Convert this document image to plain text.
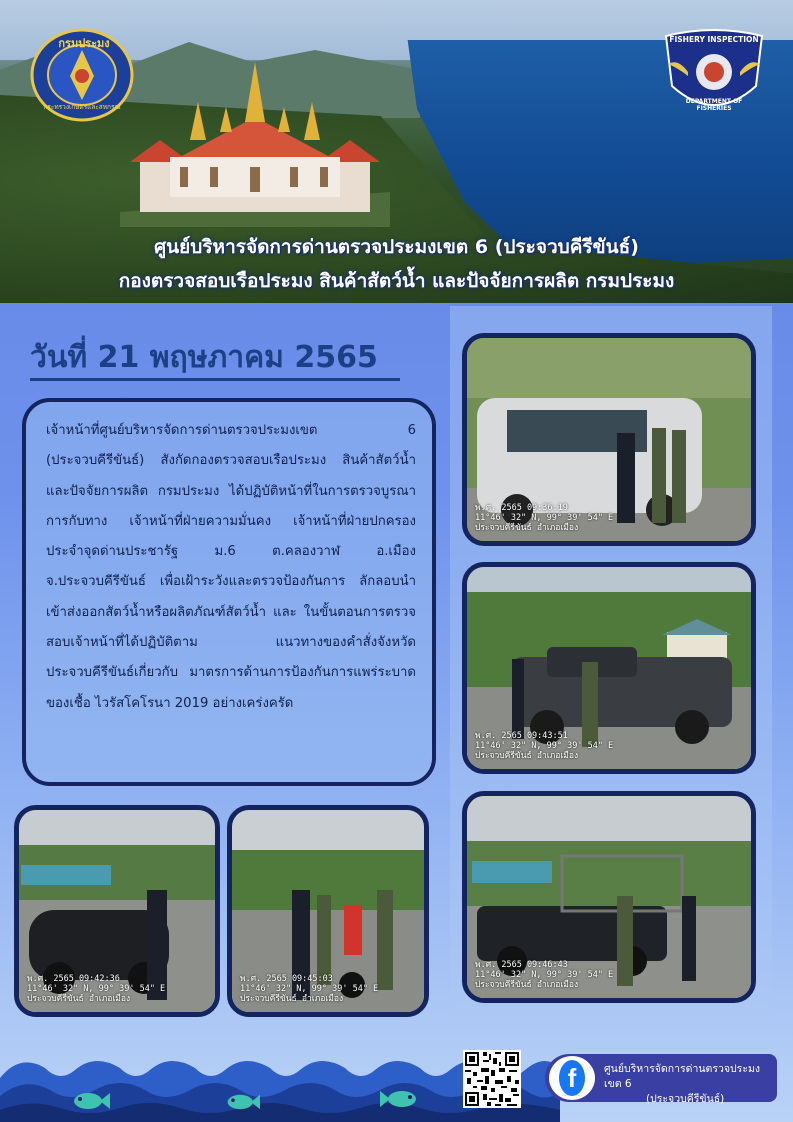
กรมประมง
กระทรวงเกษตรและสหกรณ์
FISHERY INSPECTION
DEPARTMENT OF FISHERIES
ศูนย์บริหารจัดการด่านตรวจประมงเขต 6 (ประจวบคีรีขันธ์)
กองตรวจสอบเรือประมง สินค้าสัตว์น้ำ และปัจจัยการผลิต กรมประมง
วันที่ 21 พฤษภาคม 2565

เจ้าหน้าที่ศูนย์บริหารจัดการด่านตรวจประมงเขต 6 (ประจวบคีรีขันธ์) สังกัดกองตรวจสอบเรือประมง สินค้าสัตว์น้ำ และปัจจัยการผลิต กรมประมง ได้ปฏิบัติหน้าที่ในการตรวจบูรณาการกับทาง เจ้าหน้าที่ฝ่ายความมั่นคง เจ้าหน้าที่ฝ่ายปกครอง ประจำจุดด่านประชารัฐ ม.6 ต.คลองวาฬ อ.เมือง จ.ประจวบคีรีขันธ์ เพื่อเฝ้าระวังและตรวจป้องกันการ ลักลอบนำเข้าส่งออกสัตว์น้ำหรือผลิตภัณฑ์สัตว์น้ำ และ ในขั้นตอนการตรวจสอบเจ้าหน้าที่ได้ปฏิบัติตาม แนวทางของคำสั่งจังหวัดประจวบคีรีขันธ์เกี่ยวกับ มาตรการด้านการป้องกันการแพร่ระบาดของเชื้อ ไวรัสโคโรนา 2019 อย่างเคร่งครัด

พ.ศ. 2565 09:36:19
11°46' 32" N, 99° 39' 54" E
ประจวบคีรีขันธ์ อำเภอเมือง
พ.ศ. 2565 09:43:51
11°46' 32" N, 99° 39' 54" E
ประจวบคีรีขันธ์ อำเภอเมือง
พ.ศ. 2565 09:46:43
11°46' 32" N, 99° 39' 54" E
ประจวบคีรีขันธ์ อำเภอเมือง
พ.ศ. 2565 09:42:36
11°46' 32" N, 99° 39' 54" E
ประจวบคีรีขันธ์ อำเภอเมือง
พ.ศ. 2565 09:45:03
11°46' 32" N, 99° 39' 54" E
ประจวบคีรีขันธ์ อำเภอเมือง
f	ศูนย์บริหารจัดการด่านตรวจประมงเขต 6
(ประจวบคีรีขันธ์)
